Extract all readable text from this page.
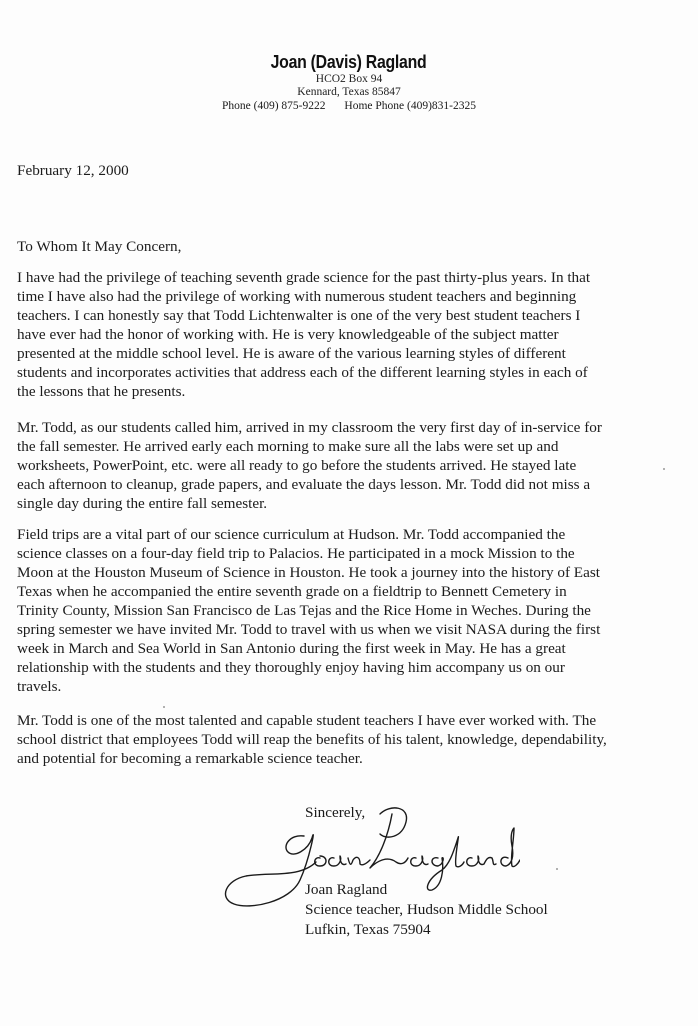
Joan (Davis) Ragland
HCO2 Box 94
Kennard, Texas 85847
Phone (409) 875-9222 Home Phone (409)831-2325
February 12, 2000
To Whom It May Concern,
I have had the privilege of teaching seventh grade science for the past thirty-plus years. In that
time I have also had the privilege of working with numerous student teachers and beginning
teachers. I can honestly say that Todd Lichtenwalter is one of the very best student teachers I
have ever had the honor of working with. He is very knowledgeable of the subject matter
presented at the middle school level. He is aware of the various learning styles of different
students and incorporates activities that address each of the different learning styles in each of
the lessons that he presents.
Mr. Todd, as our students called him, arrived in my classroom the very first day of in-service for
the fall semester. He arrived early each morning to make sure all the labs were set up and
worksheets, PowerPoint, etc. were all ready to go before the students arrived. He stayed late
each afternoon to cleanup, grade papers, and evaluate the days lesson. Mr. Todd did not miss a
single day during the entire fall semester.
Field trips are a vital part of our science curriculum at Hudson. Mr. Todd accompanied the
science classes on a four-day field trip to Palacios. He participated in a mock Mission to the
Moon at the Houston Museum of Science in Houston. He took a journey into the history of East
Texas when he accompanied the entire seventh grade on a fieldtrip to Bennett Cemetery in
Trinity County, Mission San Francisco de Las Tejas and the Rice Home in Weches. During the
spring semester we have invited Mr. Todd to travel with us when we visit NASA during the first
week in March and Sea World in San Antonio during the first week in May. He has a great
relationship with the students and they thoroughly enjoy having him accompany us on our
travels.
Mr. Todd is one of the most talented and capable student teachers I have ever worked with. The
school district that employees Todd will reap the benefits of his talent, knowledge, dependability,
and potential for becoming a remarkable science teacher.
Sincerely,
Joan Ragland
Science teacher, Hudson Middle School
Lufkin, Texas 75904
